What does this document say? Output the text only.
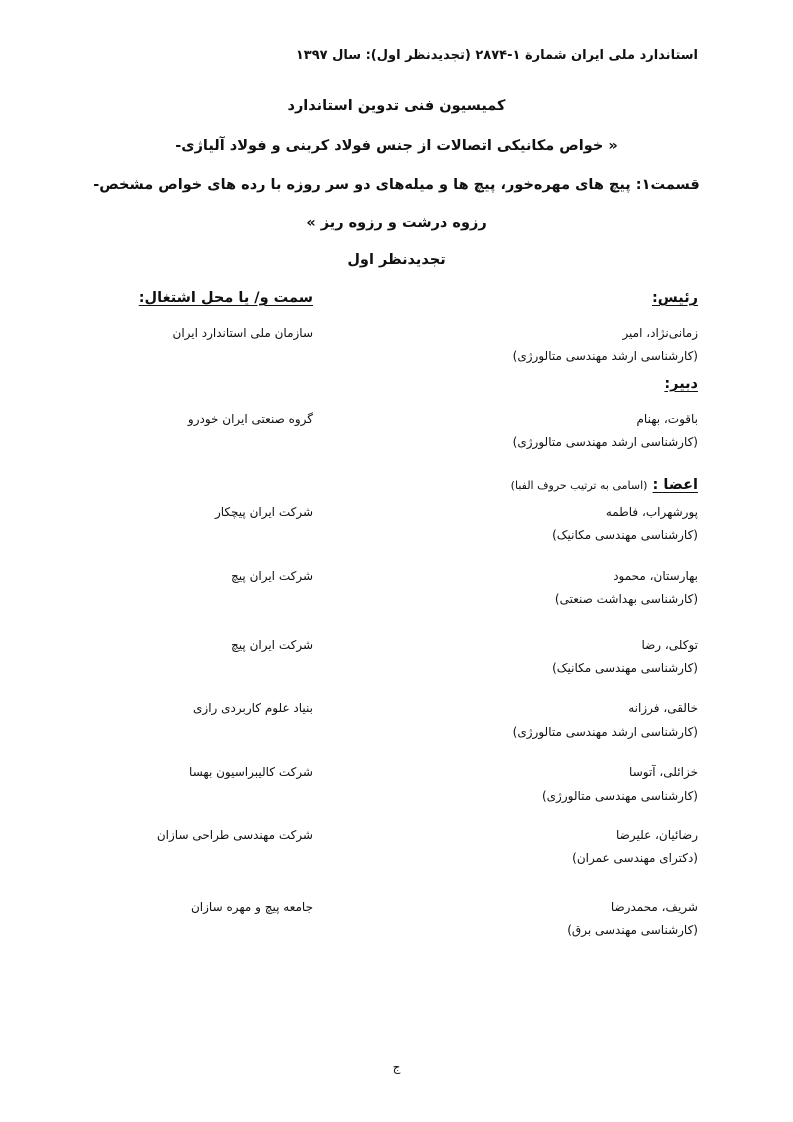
استاندارد ملی ایران شمارة ۱-۲۸۷۴ (تجدیدنظر اول): سال ۱۳۹۷
کمیسیون فنی تدوین استاندارد
« خواص مکانیکی اتصالات از جنس فولاد کربنی و فولاد آلیاژی-
قسمت۱: پیچ های مهره‌خور، پیچ ها و میله‌های دو سر روزه با رده های خواص مشخص-
رزوه درشت و رزوه ریز »
تجدیدنظر اول
رئیس:
سمت و/ یا محل اشتغال:
زمانی‌نژاد، امیر
(کارشناسی ارشد مهندسی متالورژی)
سازمان ملی استاندارد ایران
دبیر:
باقوت، بهنام
(کارشناسی ارشد مهندسی متالورژی)
گروه صنعتی ایران خودرو
اعضا : (اسامی به ترتیب حروف الفبا)
پورشهراب، فاطمه
(کارشناسی مهندسی مکانیک)
شرکت ایران پیچکار
بهارستان، محمود
(کارشناسی بهداشت صنعتی)
شرکت ایران پیچ
توکلی، رضا
(کارشناسی مهندسی مکانیک)
شرکت ایران پیچ
خالقی، فرزانه
(کارشناسی ارشد مهندسی متالورژی)
بنیاد علوم کاربردی رازی
خزائلی، آتوسا
(کارشناسی مهندسی متالورژی)
شرکت کالیبراسیون بهسا
رضائیان، علیرضا
(دکترای مهندسی عمران)
شرکت مهندسی طراحی سازان
شریف، محمدرضا
(کارشناسی مهندسی برق)
جامعه پیچ و مهره سازان
ج
